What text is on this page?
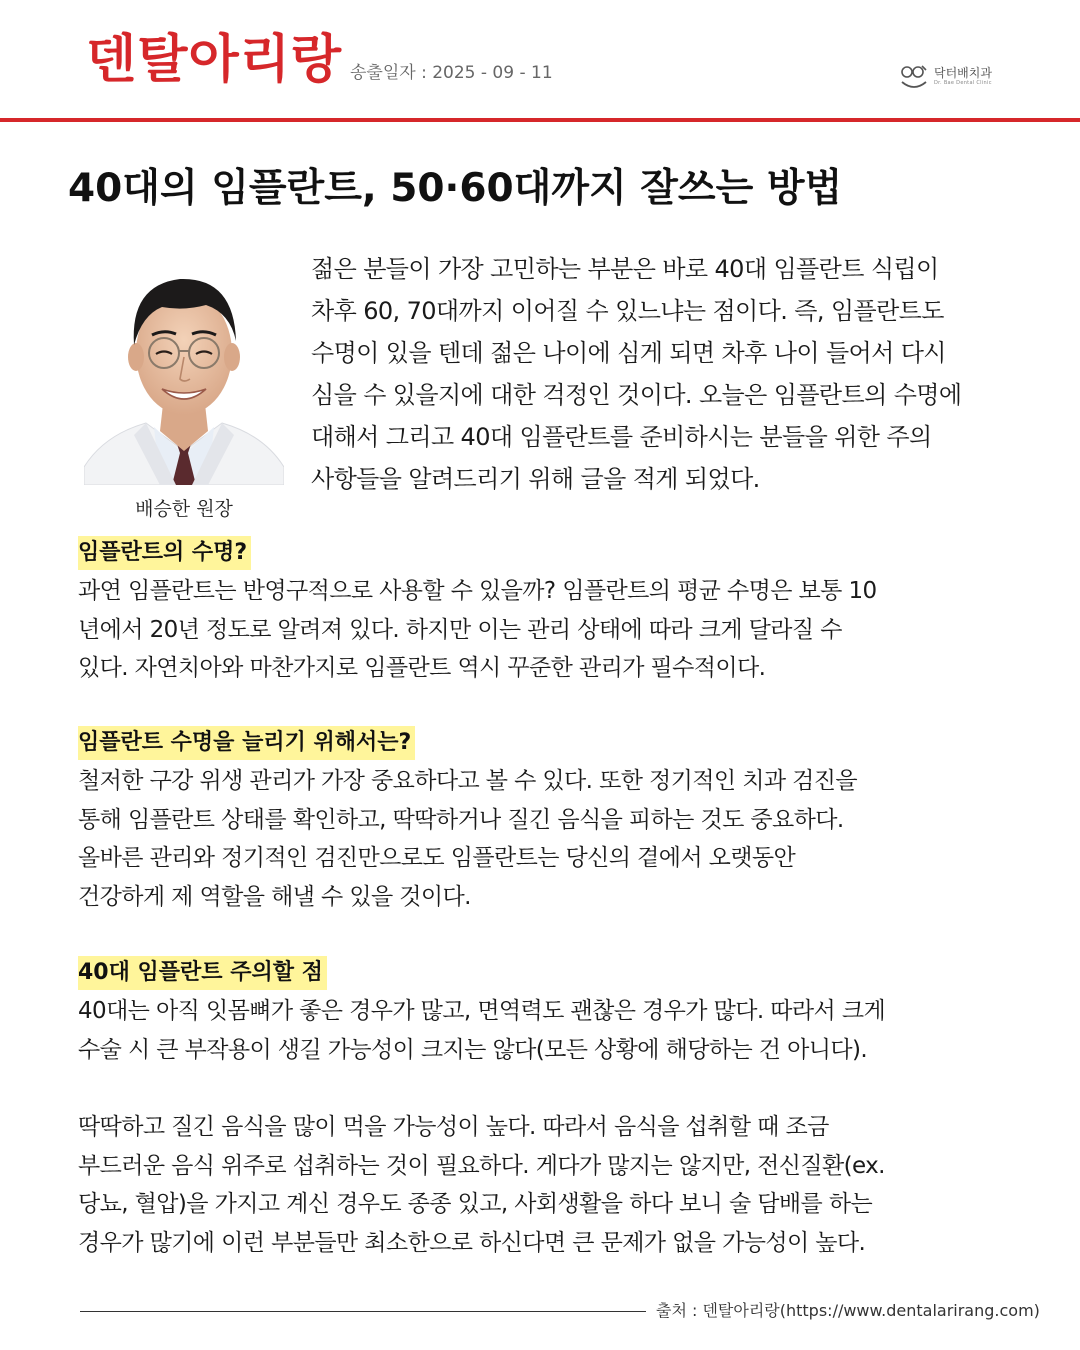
덴탈아리랑 송출일자 : 2025 - 09 - 11	닥터배치과
Dr. Bae Dental Clinic
40대의 임플란트, 50·60대까지 잘쓰는 방법
배승한 원장
젊은 분들이 가장 고민하는 부분은 바로 40대 임플란트 식립이
차후 60, 70대까지 이어질 수 있느냐는 점이다. 즉, 임플란트도
수명이 있을 텐데 젊은 나이에 심게 되면 차후 나이 들어서 다시
심을 수 있을지에 대한 걱정인 것이다. 오늘은 임플란트의 수명에
대해서 그리고 40대 임플란트를 준비하시는 분들을 위한 주의
사항들을 알려드리기 위해 글을 적게 되었다.
임플란트의 수명?
과연 임플란트는 반영구적으로 사용할 수 있을까? 임플란트의 평균 수명은 보통 10
년에서 20년 정도로 알려져 있다. 하지만 이는 관리 상태에 따라 크게 달라질 수
있다. 자연치아와 마찬가지로 임플란트 역시 꾸준한 관리가 필수적이다.
임플란트 수명을 늘리기 위해서는?
철저한 구강 위생 관리가 가장 중요하다고 볼 수 있다. 또한 정기적인 치과 검진을
통해 임플란트 상태를 확인하고, 딱딱하거나 질긴 음식을 피하는 것도 중요하다.
올바른 관리와 정기적인 검진만으로도 임플란트는 당신의 곁에서 오랫동안
건강하게 제 역할을 해낼 수 있을 것이다.
40대 임플란트 주의할 점
40대는 아직 잇몸뼈가 좋은 경우가 많고, 면역력도 괜찮은 경우가 많다. 따라서 크게
수술 시 큰 부작용이 생길 가능성이 크지는 않다(모든 상황에 해당하는 건 아니다).
딱딱하고 질긴 음식을 많이 먹을 가능성이 높다. 따라서 음식을 섭취할 때 조금
부드러운 음식 위주로 섭취하는 것이 필요하다. 게다가 많지는 않지만, 전신질환(ex.
당뇨, 혈압)을 가지고 계신 경우도 종종 있고, 사회생활을 하다 보니 술 담배를 하는
경우가 많기에 이런 부분들만 최소한으로 하신다면 큰 문제가 없을 가능성이 높다.
출처 : 덴탈아리랑(https://www.dentalarirang.com)
